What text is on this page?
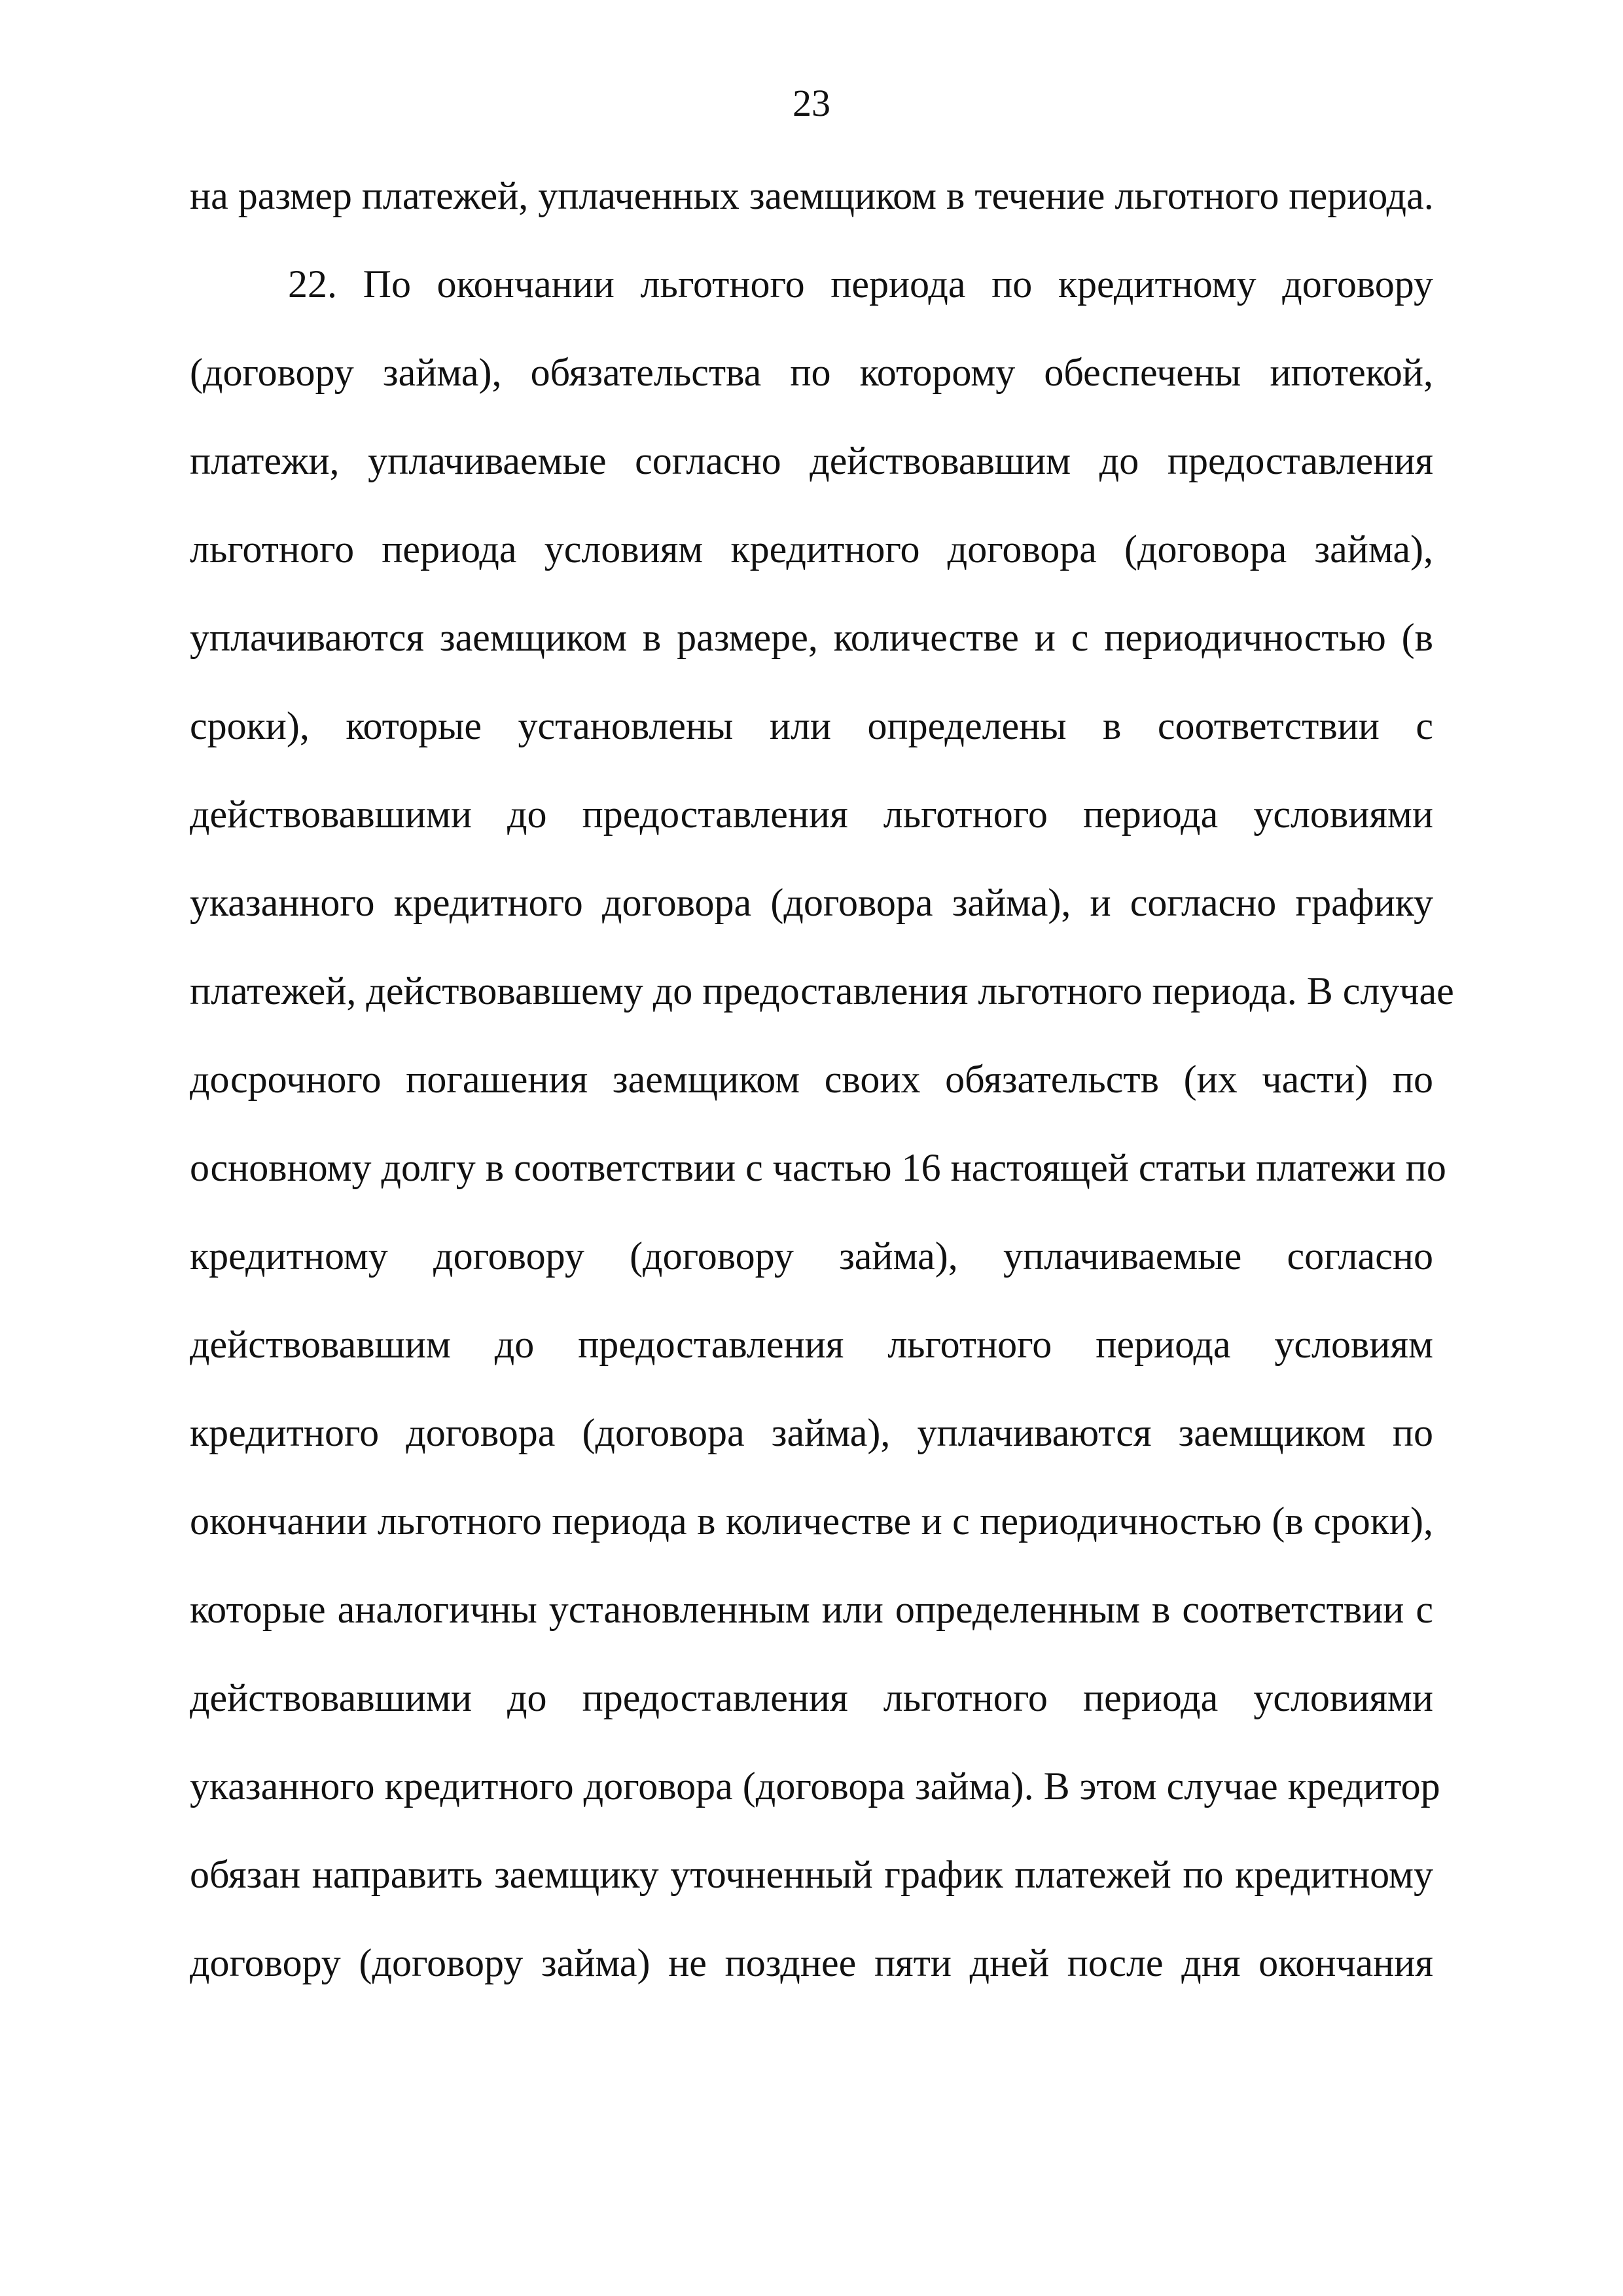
23
на размер платежей, уплаченных заемщиком в течение льготного периода.
22. По окончании льготного периода по кредитному договору
(договору займа), обязательства по которому обеспечены ипотекой,
платежи, уплачиваемые согласно действовавшим до предоставления
льготного периода условиям кредитного договора (договора займа),
уплачиваются заемщиком в размере, количестве и с периодичностью (в
сроки), которые установлены или определены в соответствии с
действовавшими до предоставления льготного периода условиями
указанного кредитного договора (договора займа), и согласно графику
платежей, действовавшему до предоставления льготного периода. В случае
досрочного погашения заемщиком своих обязательств (их части) по
основному долгу в соответствии с частью 16 настоящей статьи платежи по
кредитному договору (договору займа), уплачиваемые согласно
действовавшим до предоставления льготного периода условиям
кредитного договора (договора займа), уплачиваются заемщиком по
окончании льготного периода в количестве и с периодичностью (в сроки),
которые аналогичны установленным или определенным в соответствии с
действовавшими до предоставления льготного периода условиями
указанного кредитного договора (договора займа). В этом случае кредитор
обязан направить заемщику уточненный график платежей по кредитному
договору (договору займа) не позднее пяти дней после дня окончания
